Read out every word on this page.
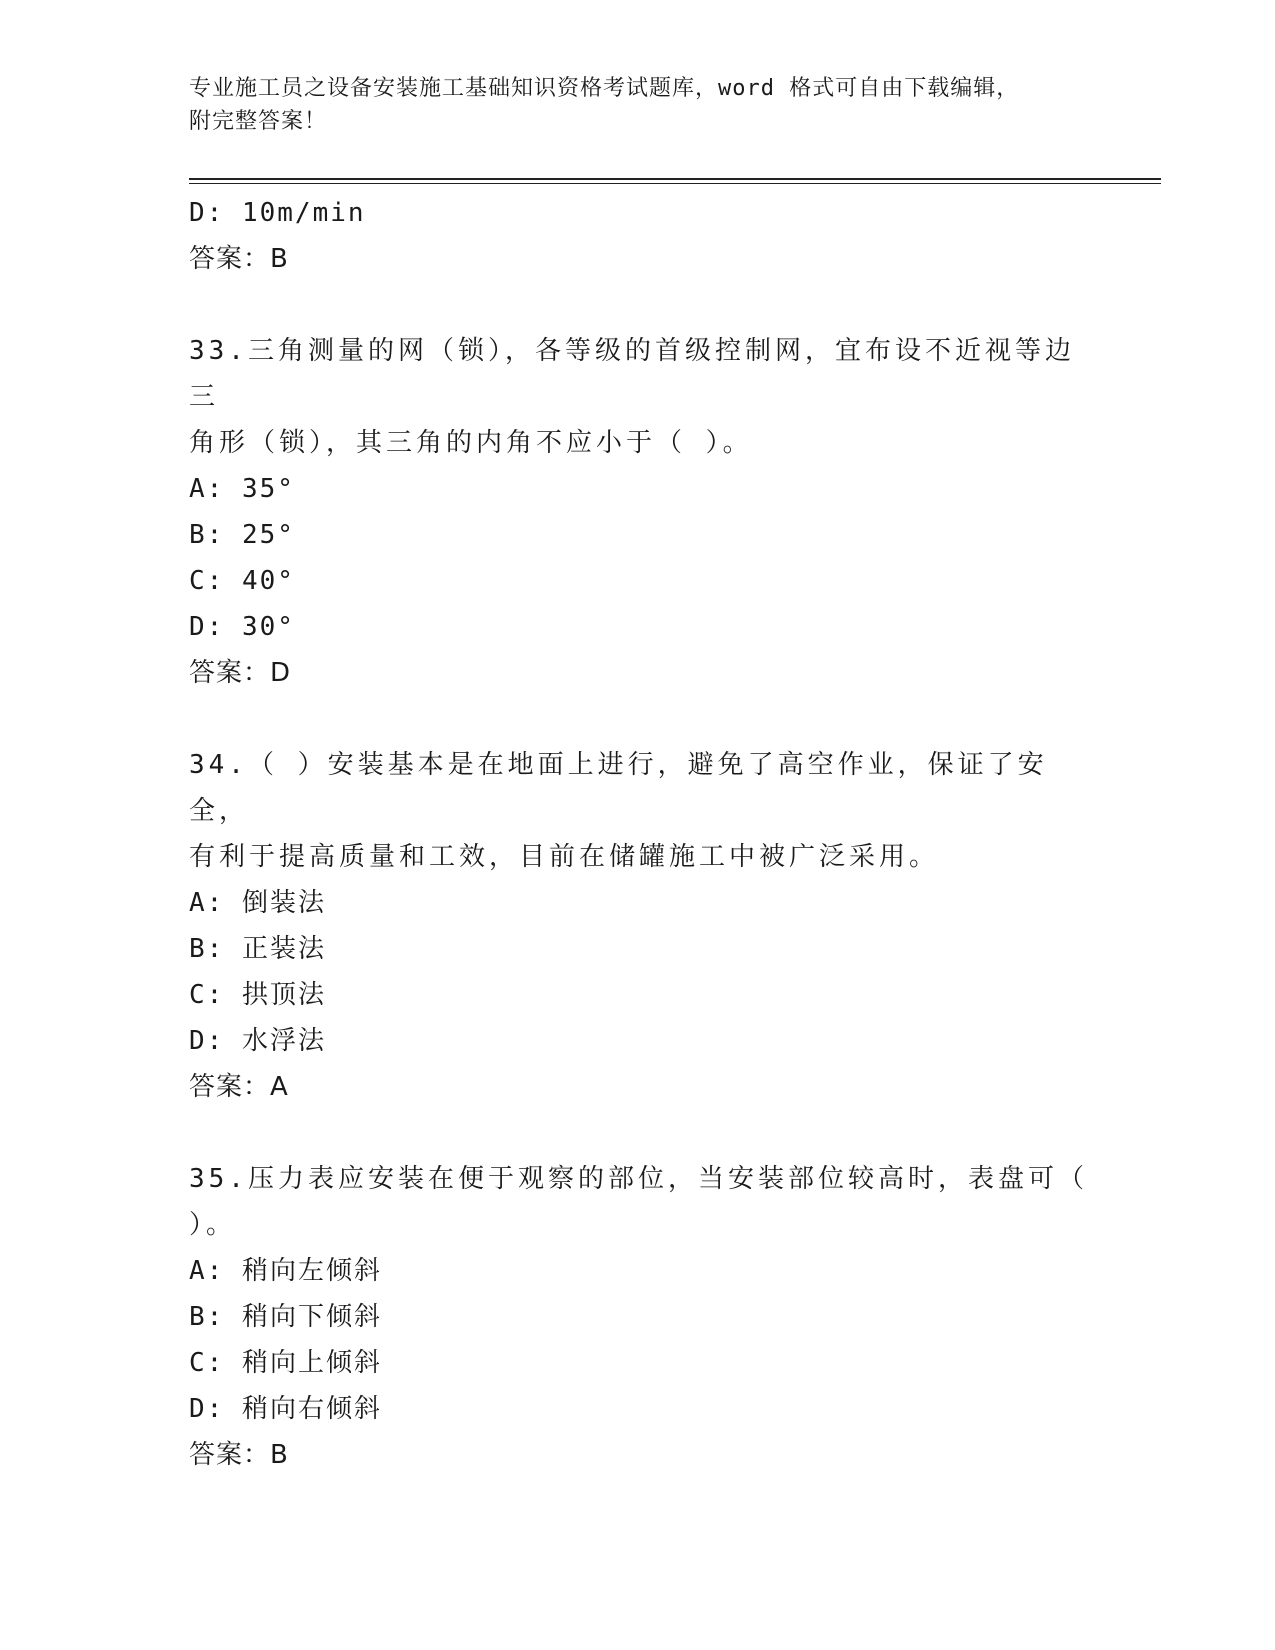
专业施工员之设备安装施工基础知识资格考试题库，word 格式可自由下载编辑，
附完整答案！
D: 10m/min
答案：B
33.三角测量的网（锁），各等级的首级控制网，宜布设不近视等边三
角形（锁），其三角的内角不应小于（ ）。
A: 35°
B: 25°
C: 40°
D: 30°
答案：D
34.（ ）安装基本是在地面上进行，避免了高空作业，保证了安全，
有利于提高质量和工效，目前在储罐施工中被广泛采用。
A: 倒装法
B: 正装法
C: 拱顶法
D: 水浮法
答案：A
35.压力表应安装在便于观察的部位，当安装部位较高时，表盘可（
）。
A: 稍向左倾斜
B: 稍向下倾斜
C: 稍向上倾斜
D: 稍向右倾斜
答案：B
